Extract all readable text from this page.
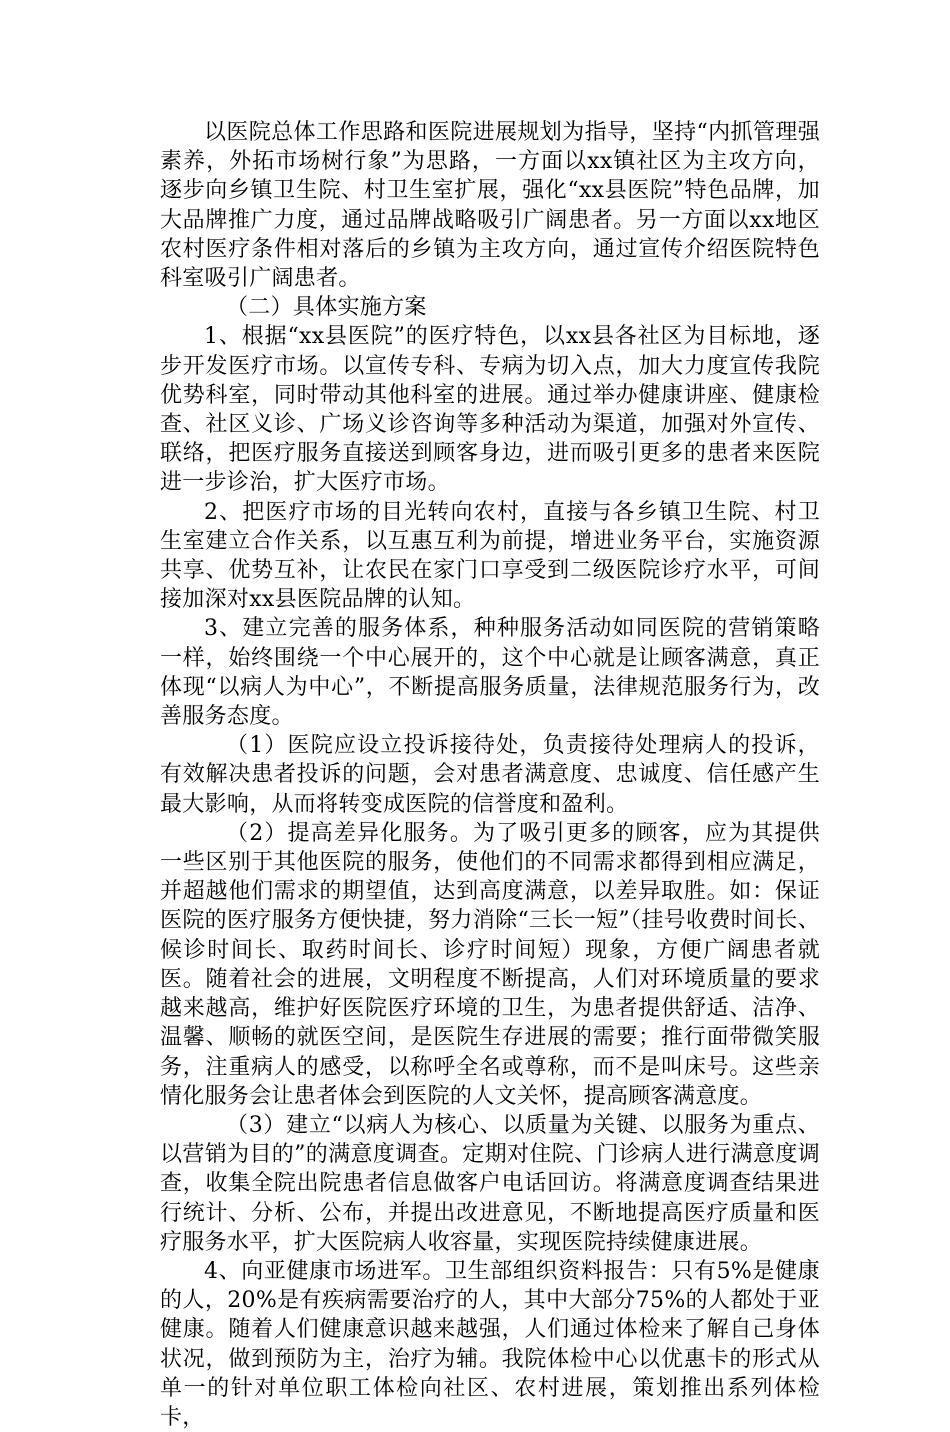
以医院总体工作思路和医院进展规划为指导，坚持“内抓管理强素养，外拓市场树行象”为思路，一方面以xx镇社区为主攻方向，逐步向乡镇卫生院、村卫生室扩展，强化“xx县医院”特色品牌，加大品牌推广力度，通过品牌战略吸引广阔患者。另一方面以xx地区农村医疗条件相对落后的乡镇为主攻方向，通过宣传介绍医院特色科室吸引广阔患者。

（二）具体实施方案

1、根据“xx县医院”的医疗特色，以xx县各社区为目标地，逐步开发医疗市场。以宣传专科、专病为切入点，加大力度宣传我院优势科室，同时带动其他科室的进展。通过举办健康讲座、健康检查、社区义诊、广场义诊咨询等多种活动为渠道，加强对外宣传、联络，把医疗服务直接送到顾客身边，进而吸引更多的患者来医院进一步诊治，扩大医疗市场。

2、把医疗市场的目光转向农村，直接与各乡镇卫生院、村卫生室建立合作关系，以互惠互利为前提，增进业务平台，实施资源共享、优势互补，让农民在家门口享受到二级医院诊疗水平，可间接加深对xx县医院品牌的认知。

3、建立完善的服务体系，种种服务活动如同医院的营销策略一样，始终围绕一个中心展开的，这个中心就是让顾客满意，真正体现“以病人为中心”，不断提高服务质量，法律规范服务行为，改善服务态度。

（1）医院应设立投诉接待处，负责接待处理病人的投诉，有效解决患者投诉的问题，会对患者满意度、忠诚度、信任感产生最大影响，从而将转变成医院的信誉度和盈利。

（2）提高差异化服务。为了吸引更多的顾客，应为其提供一些区别于其他医院的服务，使他们的不同需求都得到相应满足，并超越他们需求的期望值，达到高度满意，以差异取胜。如：保证医院的医疗服务方便快捷，努力消除“三长一短”（挂号收费时间长、候诊时间长、取药时间长、诊疗时间短）现象，方便广阔患者就医。随着社会的进展，文明程度不断提高，人们对环境质量的要求越来越高，维护好医院医疗环境的卫生，为患者提供舒适、洁净、温馨、顺畅的就医空间，是医院生存进展的需要；推行面带微笑服务，注重病人的感受，以称呼全名或尊称，而不是叫床号。这些亲情化服务会让患者体会到医院的人文关怀，提高顾客满意度。

（3）建立“以病人为核心、以质量为关键、以服务为重点、以营销为目的”的满意度调查。定期对住院、门诊病人进行满意度调查，收集全院出院患者信息做客户电话回访。将满意度调查结果进行统计、分析、公布，并提出改进意见，不断地提高医疗质量和医疗服务水平，扩大医院病人收容量，实现医院持续健康进展。

4、向亚健康市场进军。卫生部组织资料报告：只有5%是健康的人，20%是有疾病需要治疗的人，其中大部分75%的人都处于亚健康。随着人们健康意识越来越强，人们通过体检来了解自己身体状况，做到预防为主，治疗为辅。我院体检中心以优惠卡的形式从单一的针对单位职工体检向社区、农村进展，策划推出系列体检卡，
